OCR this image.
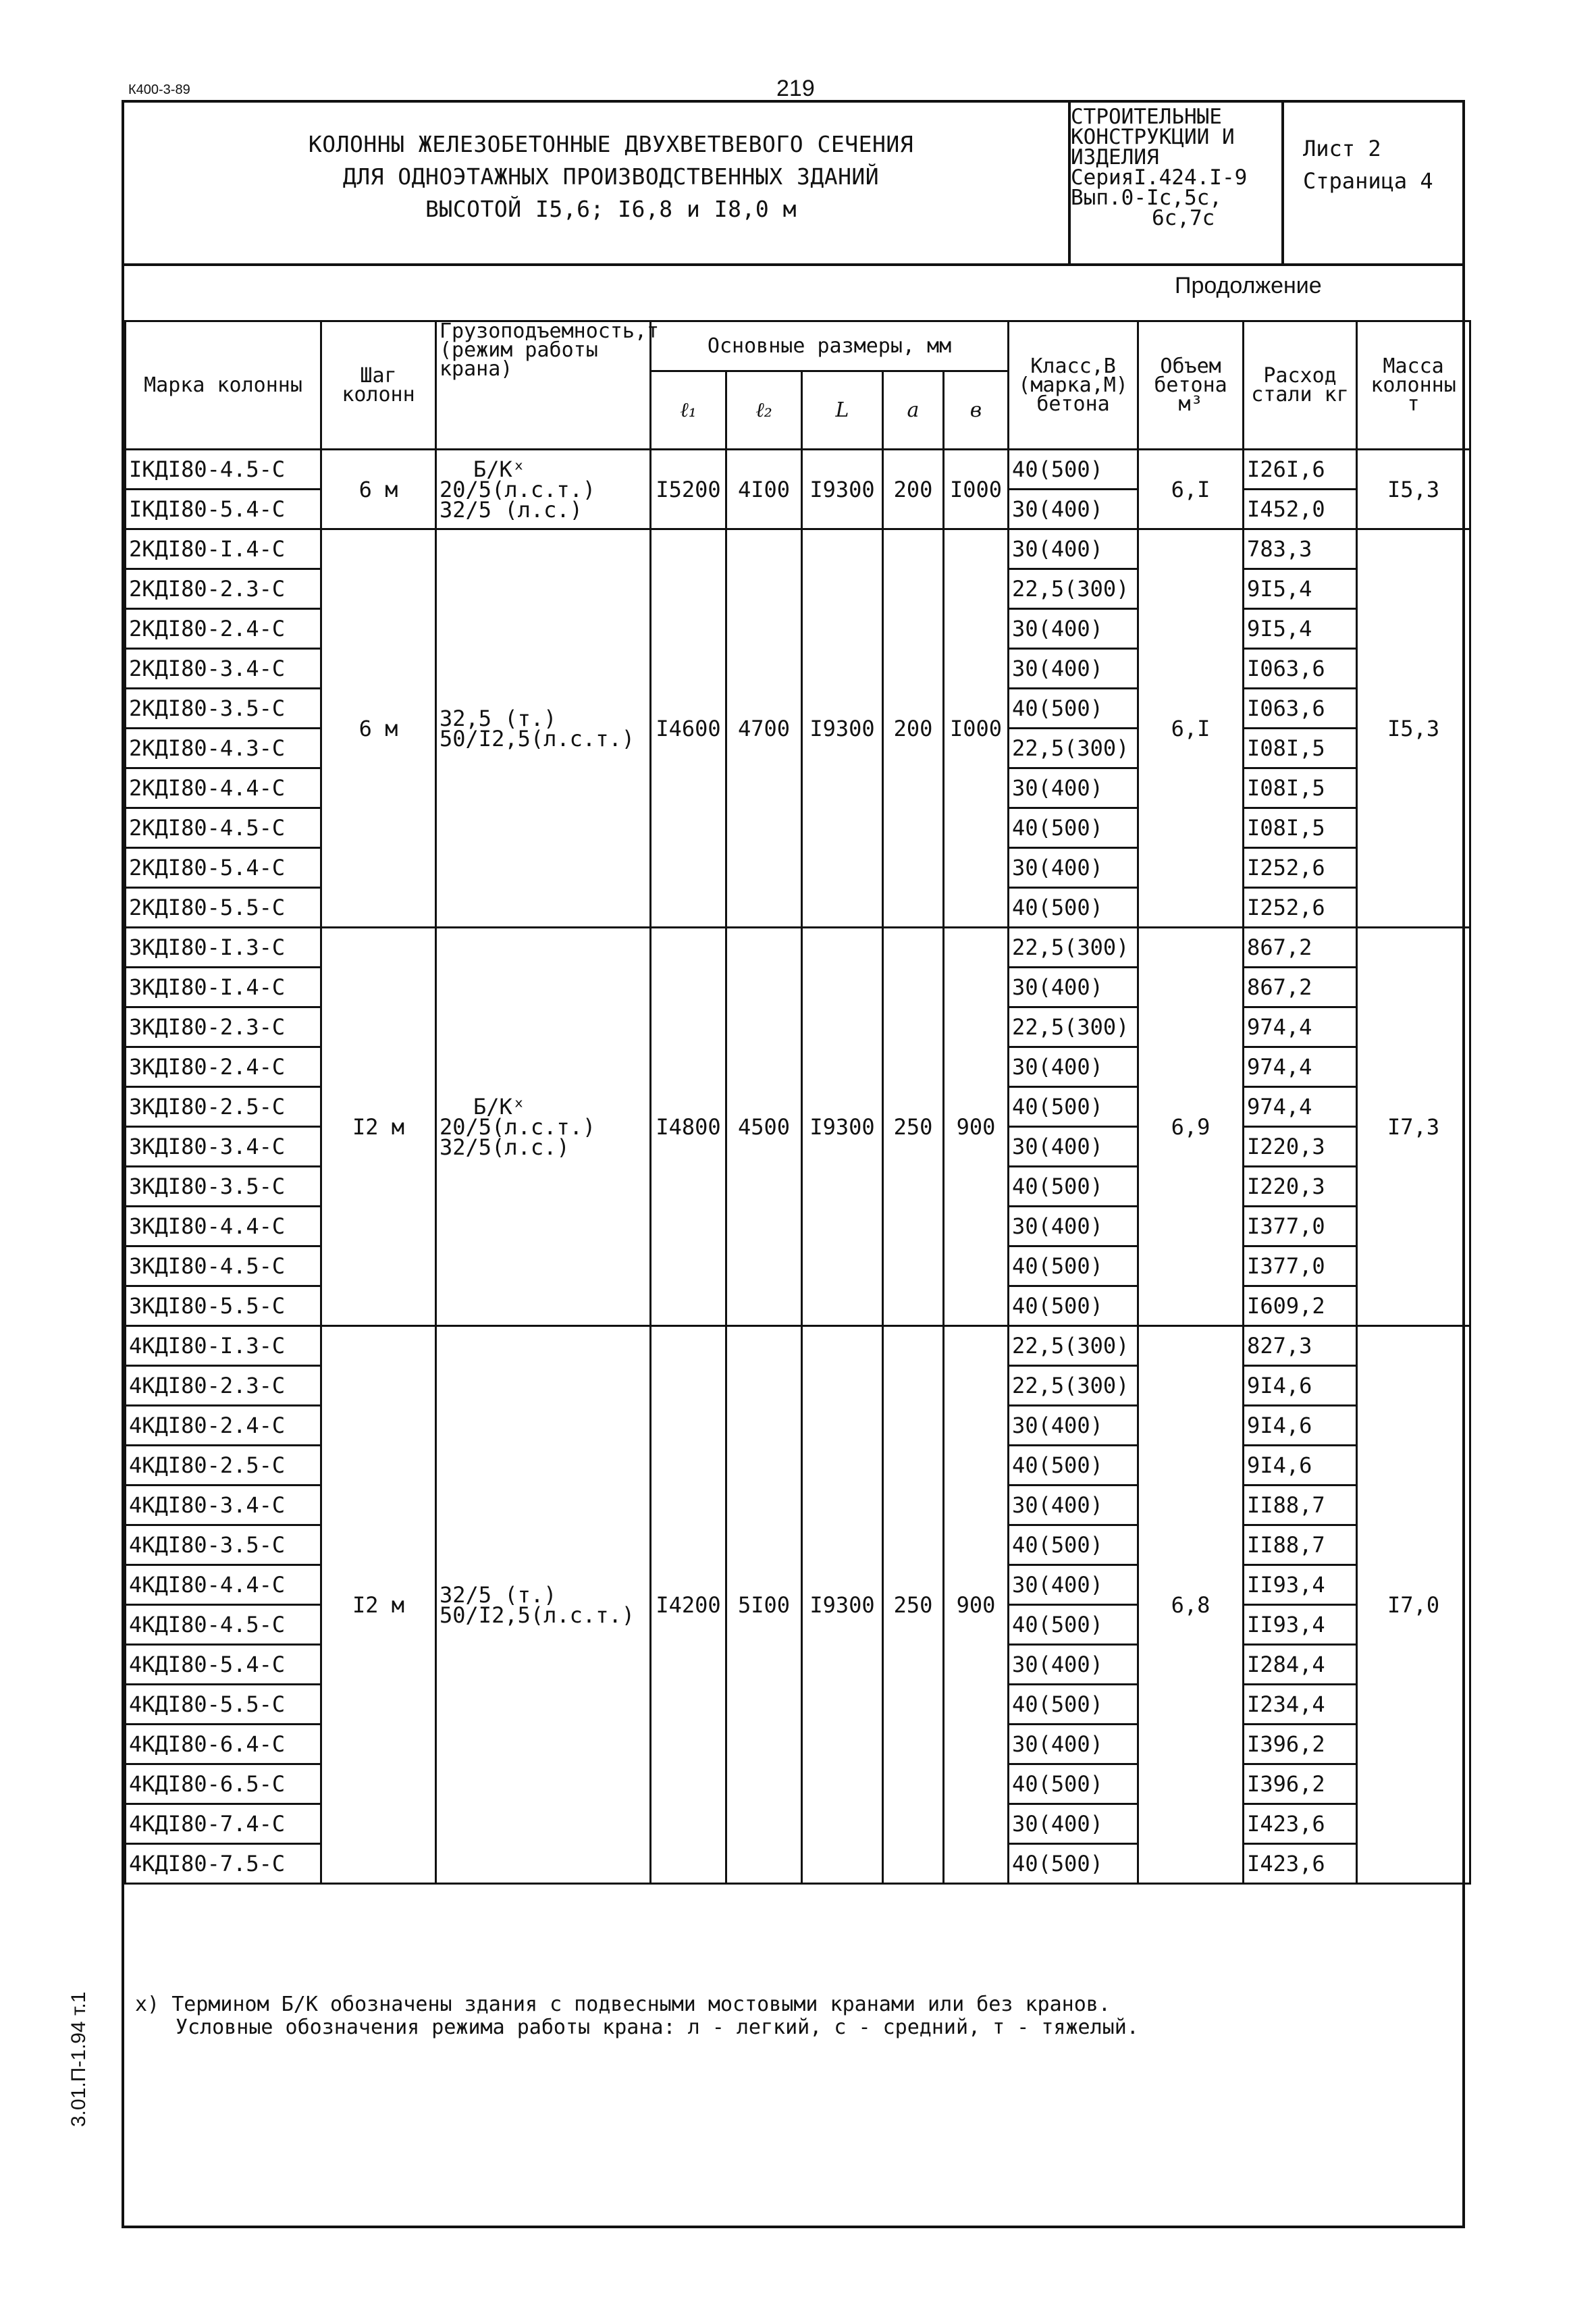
К400-3-89	219
КОЛОННЫ ЖЕЛЕЗОБЕТОННЫЕ ДВУХВЕТВЕВОГО СЕЧЕНИЯ
ДЛЯ ОДНОЭТАЖНЫХ ПРОИЗВОДСТВЕННЫХ ЗДАНИЙ
ВЫСОТОЙ I5,6; I6,8 и I8,0 м
СТРОИТЕЛЬНЫЕ
КОНСТРУКЦИИ И
ИЗДЕЛИЯ
СерияI.424.I-9
Вып.0-Iс,5с,
6с,7с
Лист 2
Страница 4
Продолжение
Марка колонны	Шаг колонн	Грузоподъемность,т (режим работы крана)	Основные размеры, мм					Класс,В (марка,М) бетона	Объем бетона м³	Расход стали кг	Масса колонны т
			ℓ₁	ℓ₂	L	a	в				
IКДI80-4.5-С	6 м	Б/Кˣ
20/5(л.с.т.)
32/5 (л.с.)	I5200	4I00	I9300	200	I000	40(500)	6,I	I26I,6	I5,3
IКДI80-5.4-С								30(400)		I452,0	
2КДI80-I.4-С	6 м	32,5 (т.)
50/I2,5(л.с.т.)	I4600	4700	I9300	200	I000	30(400)	6,I	783,3	I5,3
2КДI80-2.3-С								22,5(300)		9I5,4	
2КДI80-2.4-С								30(400)		9I5,4	
2КДI80-3.4-С								30(400)		I063,6	
2КДI80-3.5-С								40(500)		I063,6	
2КДI80-4.3-С								22,5(300)		I08I,5	
2КДI80-4.4-С								30(400)		I08I,5	
2КДI80-4.5-С								40(500)		I08I,5	
2КДI80-5.4-С								30(400)		I252,6	
2КДI80-5.5-С								40(500)		I252,6	
3КДI80-I.3-С	I2 м	Б/Кˣ
20/5(л.с.т.)
32/5(л.с.)	I4800	4500	I9300	250	900	22,5(300)	6,9	867,2	I7,3
3КДI80-I.4-С								30(400)		867,2	
3КДI80-2.3-С								22,5(300)		974,4	
3КДI80-2.4-С								30(400)		974,4	
3КДI80-2.5-С								40(500)		974,4	
3КДI80-3.4-С								30(400)		I220,3	
3КДI80-3.5-С								40(500)		I220,3	
3КДI80-4.4-С								30(400)		I377,0	
3КДI80-4.5-С								40(500)		I377,0	
3КДI80-5.5-С								40(500)		I609,2	
4КДI80-I.3-С	I2 м	32/5 (т.)
50/I2,5(л.с.т.)	I4200	5I00	I9300	250	900	22,5(300)	6,8	827,3	I7,0
4КДI80-2.3-С								22,5(300)		9I4,6	
4КДI80-2.4-С								30(400)		9I4,6	
4КДI80-2.5-С								40(500)		9I4,6	
4КДI80-3.4-С								30(400)		II88,7	
4КДI80-3.5-С								40(500)		II88,7	
4КДI80-4.4-С								30(400)		II93,4	
4КДI80-4.5-С								40(500)		II93,4	
4КДI80-5.4-С								30(400)		I284,4	
4КДI80-5.5-С								40(500)		I234,4	
4КДI80-6.4-С								30(400)		I396,2	
4КДI80-6.5-С								40(500)		I396,2	
4КДI80-7.4-С								30(400)		I423,6	
4КДI80-7.5-С								40(500)		I423,6	
х) Термином Б/К обозначены здания с подвесными мостовыми кранами или без кранов.
Условные обозначения режима работы крана: л - легкий, с - средний, т - тяжелый.
3.01.П-1.94 т.1
